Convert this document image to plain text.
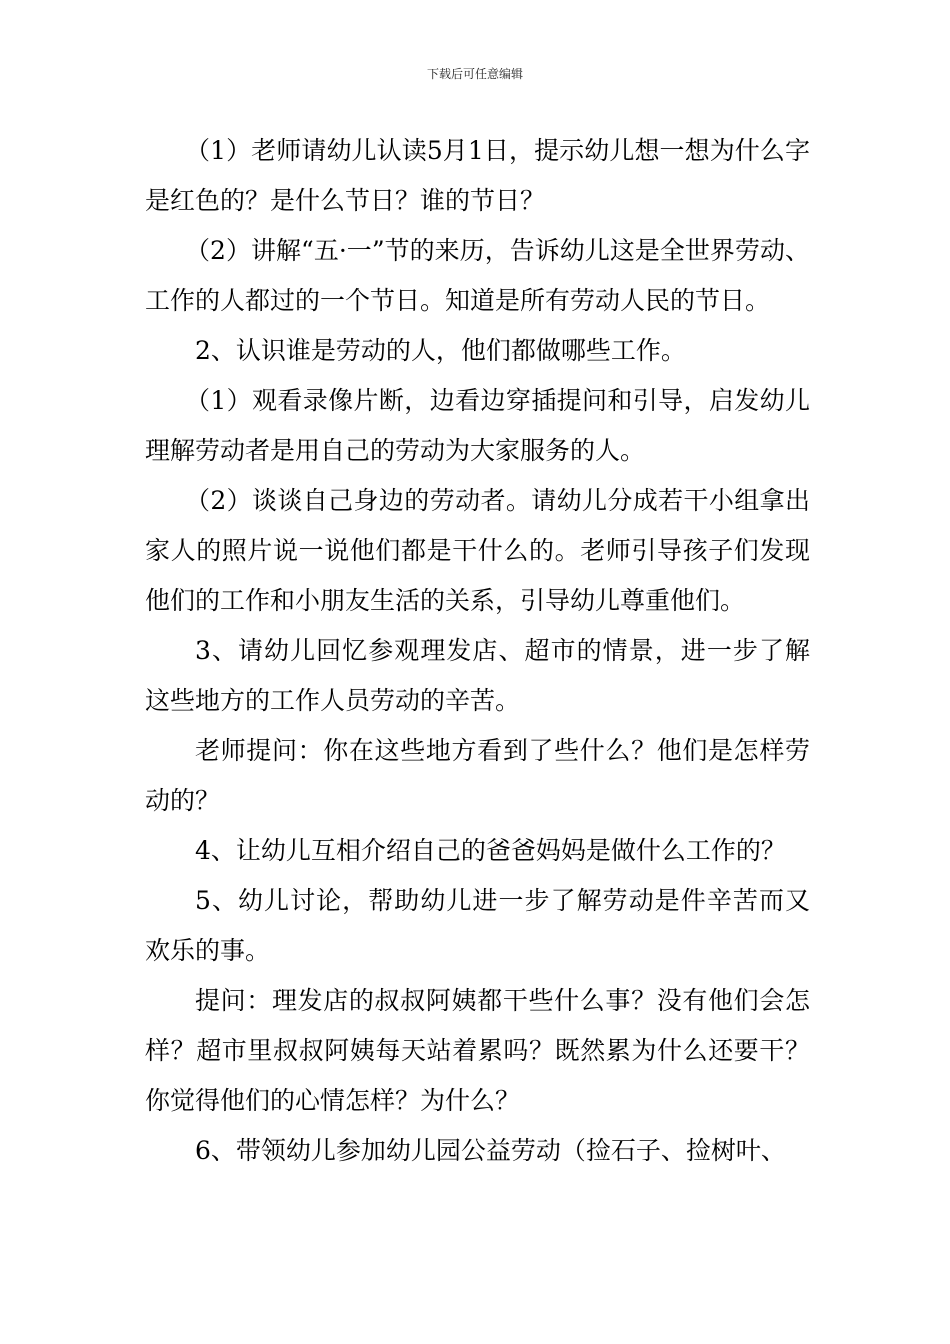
下载后可任意编辑

（1）老师请幼儿认读5月1日，提示幼儿想一想为什么字是红色的？是什么节日？谁的节日？

（2）讲解“五·一”节的来历，告诉幼儿这是全世界劳动、工作的人都过的一个节日。知道是所有劳动人民的节日。

2、认识谁是劳动的人，他们都做哪些工作。

（1）观看录像片断，边看边穿插提问和引导，启发幼儿理解劳动者是用自己的劳动为大家服务的人。

（2）谈谈自己身边的劳动者。请幼儿分成若干小组拿出家人的照片说一说他们都是干什么的。老师引导孩子们发现他们的工作和小朋友生活的关系，引导幼儿尊重他们。

3、请幼儿回忆参观理发店、超市的情景，进一步了解这些地方的工作人员劳动的辛苦。

老师提问：你在这些地方看到了些什么？他们是怎样劳动的？

4、让幼儿互相介绍自己的爸爸妈妈是做什么工作的？

5、幼儿讨论，帮助幼儿进一步了解劳动是件辛苦而又欢乐的事。

提问：理发店的叔叔阿姨都干些什么事？没有他们会怎样？超市里叔叔阿姨每天站着累吗？既然累为什么还要干？你觉得他们的心情怎样？为什么？

6、带领幼儿参加幼儿园公益劳动（捡石子、捡树叶、
